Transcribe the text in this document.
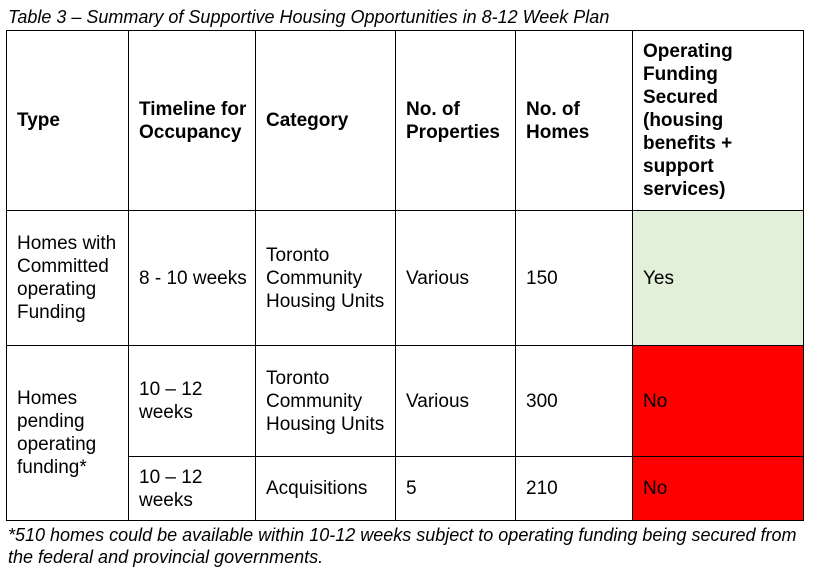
Table 3 – Summary of Supportive Housing Opportunities in 8-12 Week Plan
Type	Timeline for Occupancy	Category	No. of Properties	No. of Homes	Operating Funding Secured (housing benefits + support services)
Homes with Committed operating Funding	8 - 10 weeks	Toronto Community Housing Units	Various	150	Yes
Homes pending operating funding*	10 – 12 weeks	Toronto Community Housing Units	Various	300	No
	10 – 12 weeks	Acquisitions	5	210	No
*510 homes could be available within 10-12 weeks subject to operating funding being secured from the federal and provincial governments.
